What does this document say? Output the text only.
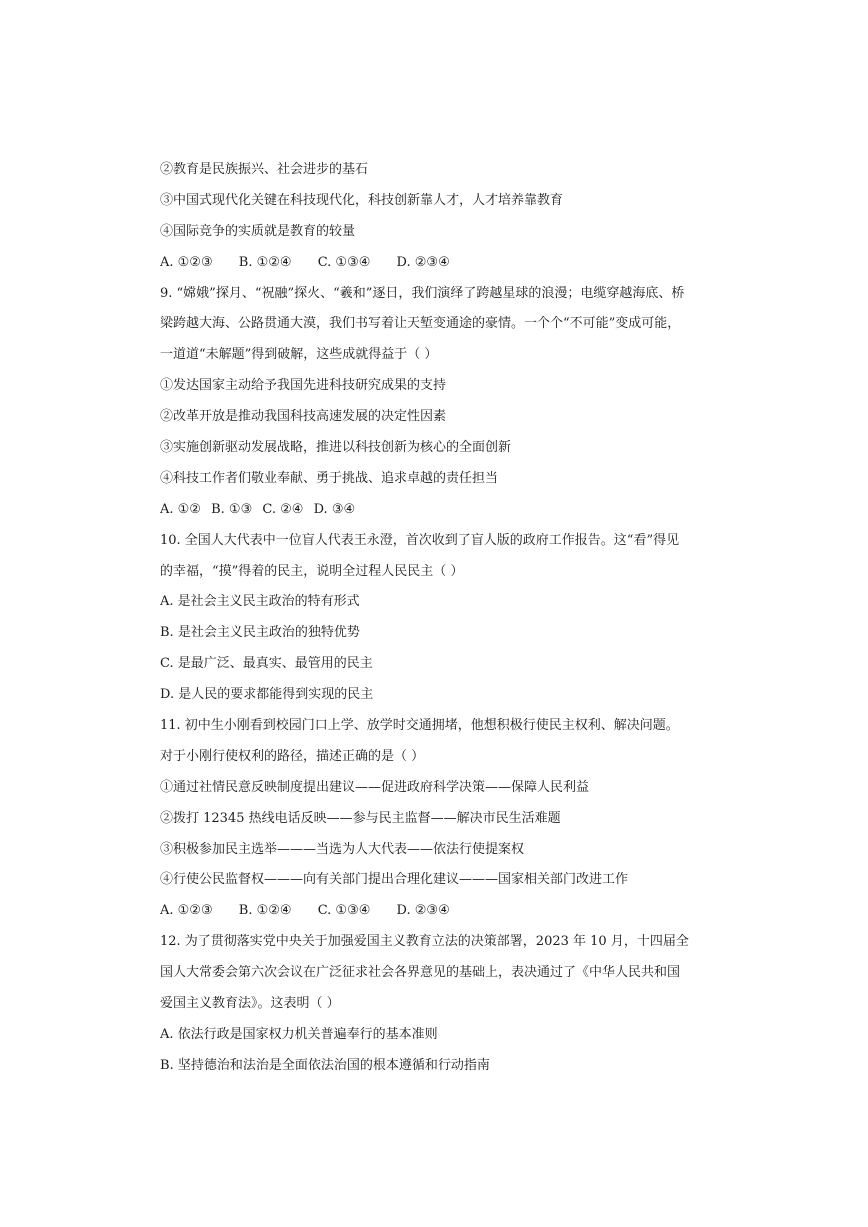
②教育是民族振兴、社会进步的基石
③中国式现代化关键在科技现代化，科技创新靠人才，人才培养靠教育
④国际竞争的实质就是教育的较量
A. ①②③ B. ①②④ C. ①③④ D. ②③④
9. “嫦娥”探月、“祝融”探火、“羲和”逐日，我们演绎了跨越星球的浪漫；电缆穿越海底、桥
梁跨越大海、公路贯通大漠，我们书写着让天堑变通途的豪情。一个个“不可能”变成可能，
一道道“未解题”得到破解，这些成就得益于（ ）
①发达国家主动给予我国先进科技研究成果的支持
②改革开放是推动我国科技高速发展的决定性因素
③实施创新驱动发展战略，推进以科技创新为核心的全面创新
④科技工作者们敬业奉献、勇于挑战、追求卓越的责任担当
A. ①② B. ①③ C. ②④ D. ③④
10. 全国人大代表中一位盲人代表王永澄，首次收到了盲人版的政府工作报告。这“看”得见
的幸福，“摸”得着的民主，说明全过程人民民主（ ）
A. 是社会主义民主政治的特有形式
B. 是社会主义民主政治的独特优势
C. 是最广泛、最真实、最管用的民主
D. 是人民的要求都能得到实现的民主
11. 初中生小刚看到校园门口上学、放学时交通拥堵，他想积极行使民主权利、解决问题。
对于小刚行使权利的路径，描述正确的是（ ）
①通过社情民意反映制度提出建议——促进政府科学决策——保障人民利益
②拨打 12345 热线电话反映——参与民主监督——解决市民生活难题
③积极参加民主选举———当选为人大代表——依法行使提案权
④行使公民监督权———向有关部门提出合理化建议———国家相关部门改进工作
A. ①②③ B. ①②④ C. ①③④ D. ②③④
12. 为了贯彻落实党中央关于加强爱国主义教育立法的决策部署，2023 年 10 月，十四届全
国人大常委会第六次会议在广泛征求社会各界意见的基础上，表决通过了《中华人民共和国
爱国主义教育法》。这表明（ ）
A. 依法行政是国家权力机关普遍奉行的基本准则
B. 坚持德治和法治是全面依法治国的根本遵循和行动指南
